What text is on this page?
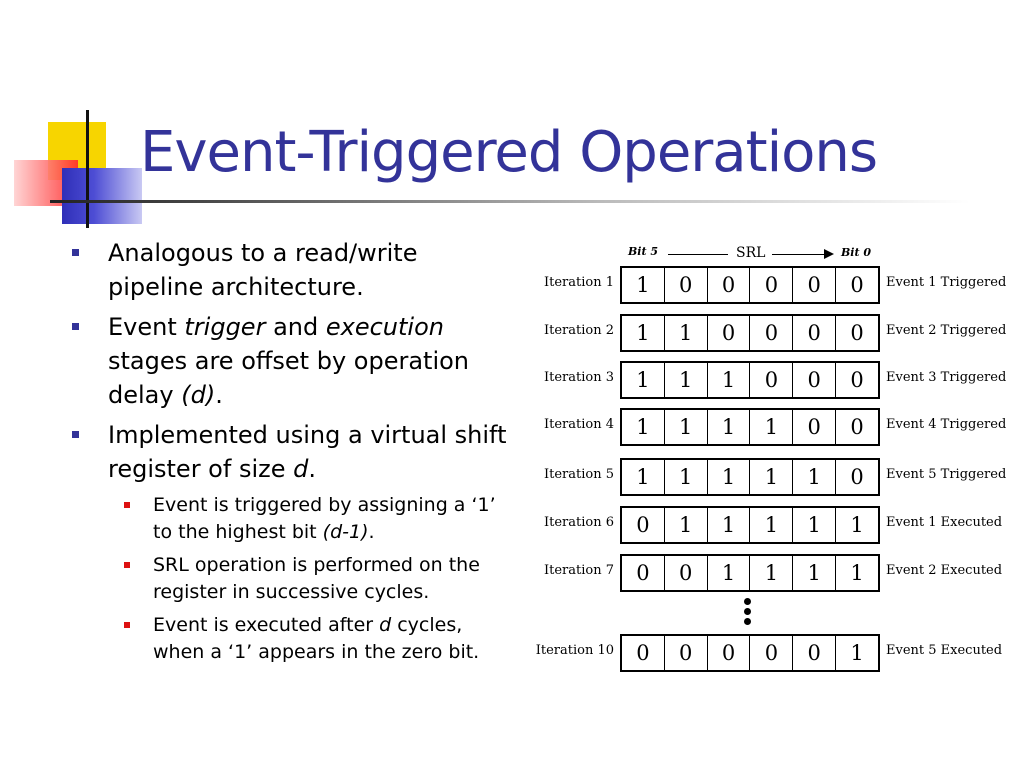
Event-Triggered Operations
Analogous to a read/write
pipeline architecture.
Event trigger and execution
stages are offset by operation
delay (d).
Implemented using a virtual shift
register of size d.
Event is triggered by assigning a ‘1’
to the highest bit (d-1).
SRL operation is performed on the
register in successive cycles.
Event is executed after d cycles,
when a ‘1’ appears in the zero bit.
Bit 5	SRL	Bit 0
Iteration 1	1	0	0	0	0	0	Event 1 Triggered
Iteration 2	1	1	0	0	0	0	Event 2 Triggered
Iteration 3	1	1	1	0	0	0	Event 3 Triggered
Iteration 4	1	1	1	1	0	0	Event 4 Triggered
Iteration 5	1	1	1	1	1	0	Event 5 Triggered
Iteration 6	0	1	1	1	1	1	Event 1 Executed
Iteration 7	0	0	1	1	1	1	Event 2 Executed
Iteration 10	0	0	0	0	0	1	Event 5 Executed
